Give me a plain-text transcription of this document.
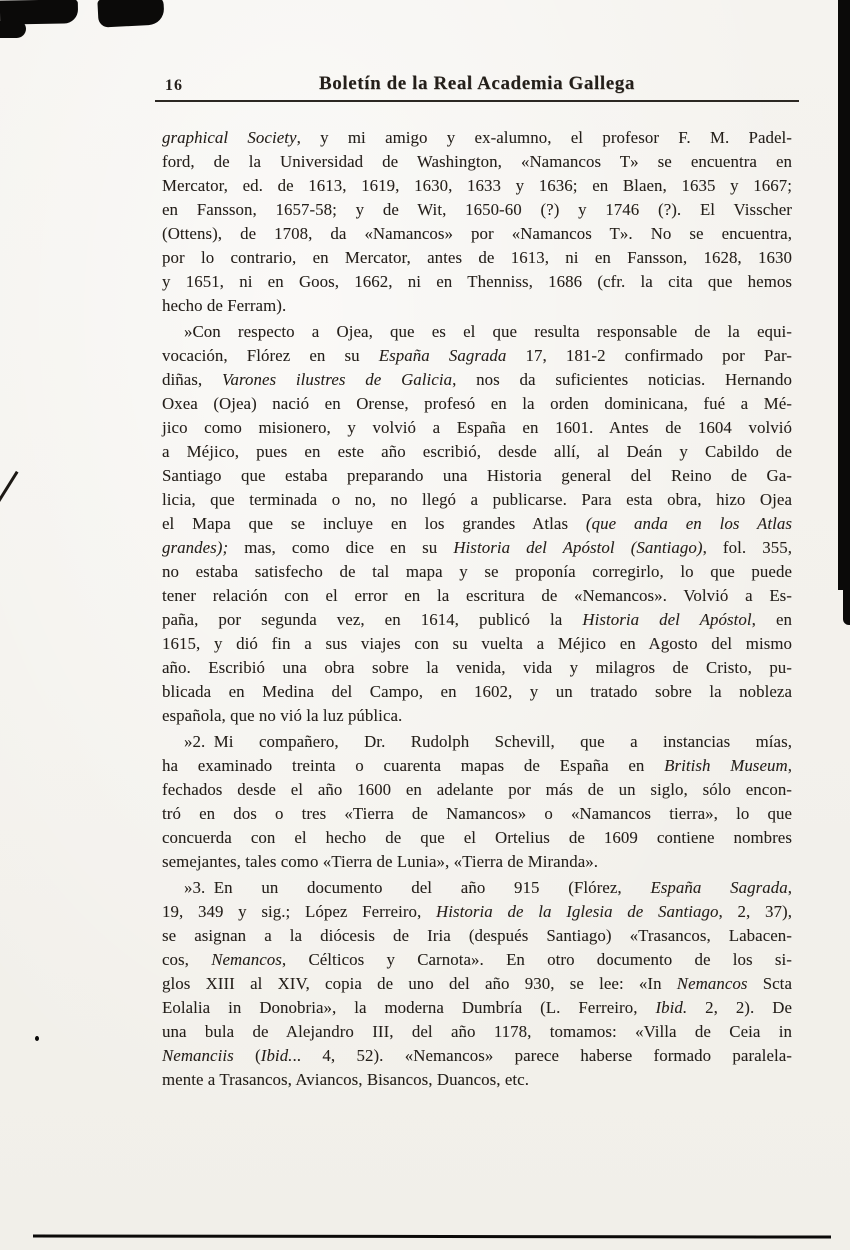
16	Boletín de la Real Academia Gallega
graphical Society, y mi amigo y ex-alumno, el profesor F. M. Padel-
ford, de la Universidad de Washington, «Namancos T» se encuentra en
Mercator, ed. de 1613, 1619, 1630, 1633 y 1636; en Blaen, 1635 y 1667;
en Fansson, 1657-58; y de Wit, 1650-60 (?) y 1746 (?). El Visscher
(Ottens), de 1708, da «Namancos» por «Namancos T». No se encuentra,
por lo contrario, en Mercator, antes de 1613, ni en Fansson, 1628, 1630
y 1651, ni en Goos, 1662, ni en Thenniss, 1686 (cfr. la cita que hemos
hecho de Ferram).
»Con respecto a Ojea, que es el que resulta responsable de la equi-
vocación, Flórez en su España Sagrada 17, 181-2 confirmado por Par-
diñas, Varones ilustres de Galicia, nos da suficientes noticias. Hernando
Oxea (Ojea) nació en Orense, profesó en la orden dominicana, fué a Mé-
jico como misionero, y volvió a España en 1601. Antes de 1604 volvió
a Méjico, pues en este año escribió, desde allí, al Deán y Cabildo de
Santiago que estaba preparando una Historia general del Reino de Ga-
licia, que terminada o no, no llegó a publicarse. Para esta obra, hizo Ojea
el Mapa que se incluye en los grandes Atlas (que anda en los Atlas
grandes); mas, como dice en su Historia del Apóstol (Santiago), fol. 355,
no estaba satisfecho de tal mapa y se proponía corregirlo, lo que puede
tener relación con el error en la escritura de «Nemancos». Volvió a Es-
paña, por segunda vez, en 1614, publicó la Historia del Apóstol, en
1615, y dió fin a sus viajes con su vuelta a Méjico en Agosto del mismo
año. Escribió una obra sobre la venida, vida y milagros de Cristo, pu-
blicada en Medina del Campo, en 1602, y un tratado sobre la nobleza
española, que no vió la luz pública.
»2. Mi compañero, Dr. Rudolph Schevill, que a instancias mías,
ha examinado treinta o cuarenta mapas de España en British Museum,
fechados desde el año 1600 en adelante por más de un siglo, sólo encon-
tró en dos o tres «Tierra de Namancos» o «Namancos tierra», lo que
concuerda con el hecho de que el Ortelius de 1609 contiene nombres
semejantes, tales como «Tierra de Lunia», «Tierra de Miranda».
»3. En un documento del año 915 (Flórez, España Sagrada,
19, 349 y sig.; López Ferreiro, Historia de la Iglesia de Santiago, 2, 37),
se asignan a la diócesis de Iria (después Santiago) «Trasancos, Labacen-
cos, Nemancos, Célticos y Carnota». En otro documento de los si-
glos XIII al XIV, copia de uno del año 930, se lee: «In Nemancos Scta
Eolalia in Donobria», la moderna Dumbría (L. Ferreiro, Ibid. 2, 2). De
una bula de Alejandro III, del año 1178, tomamos: «Villa de Ceia in
Nemanciis (Ibid... 4, 52). «Nemancos» parece haberse formado paralela-
mente a Trasancos, Aviancos, Bisancos, Duancos, etc.
